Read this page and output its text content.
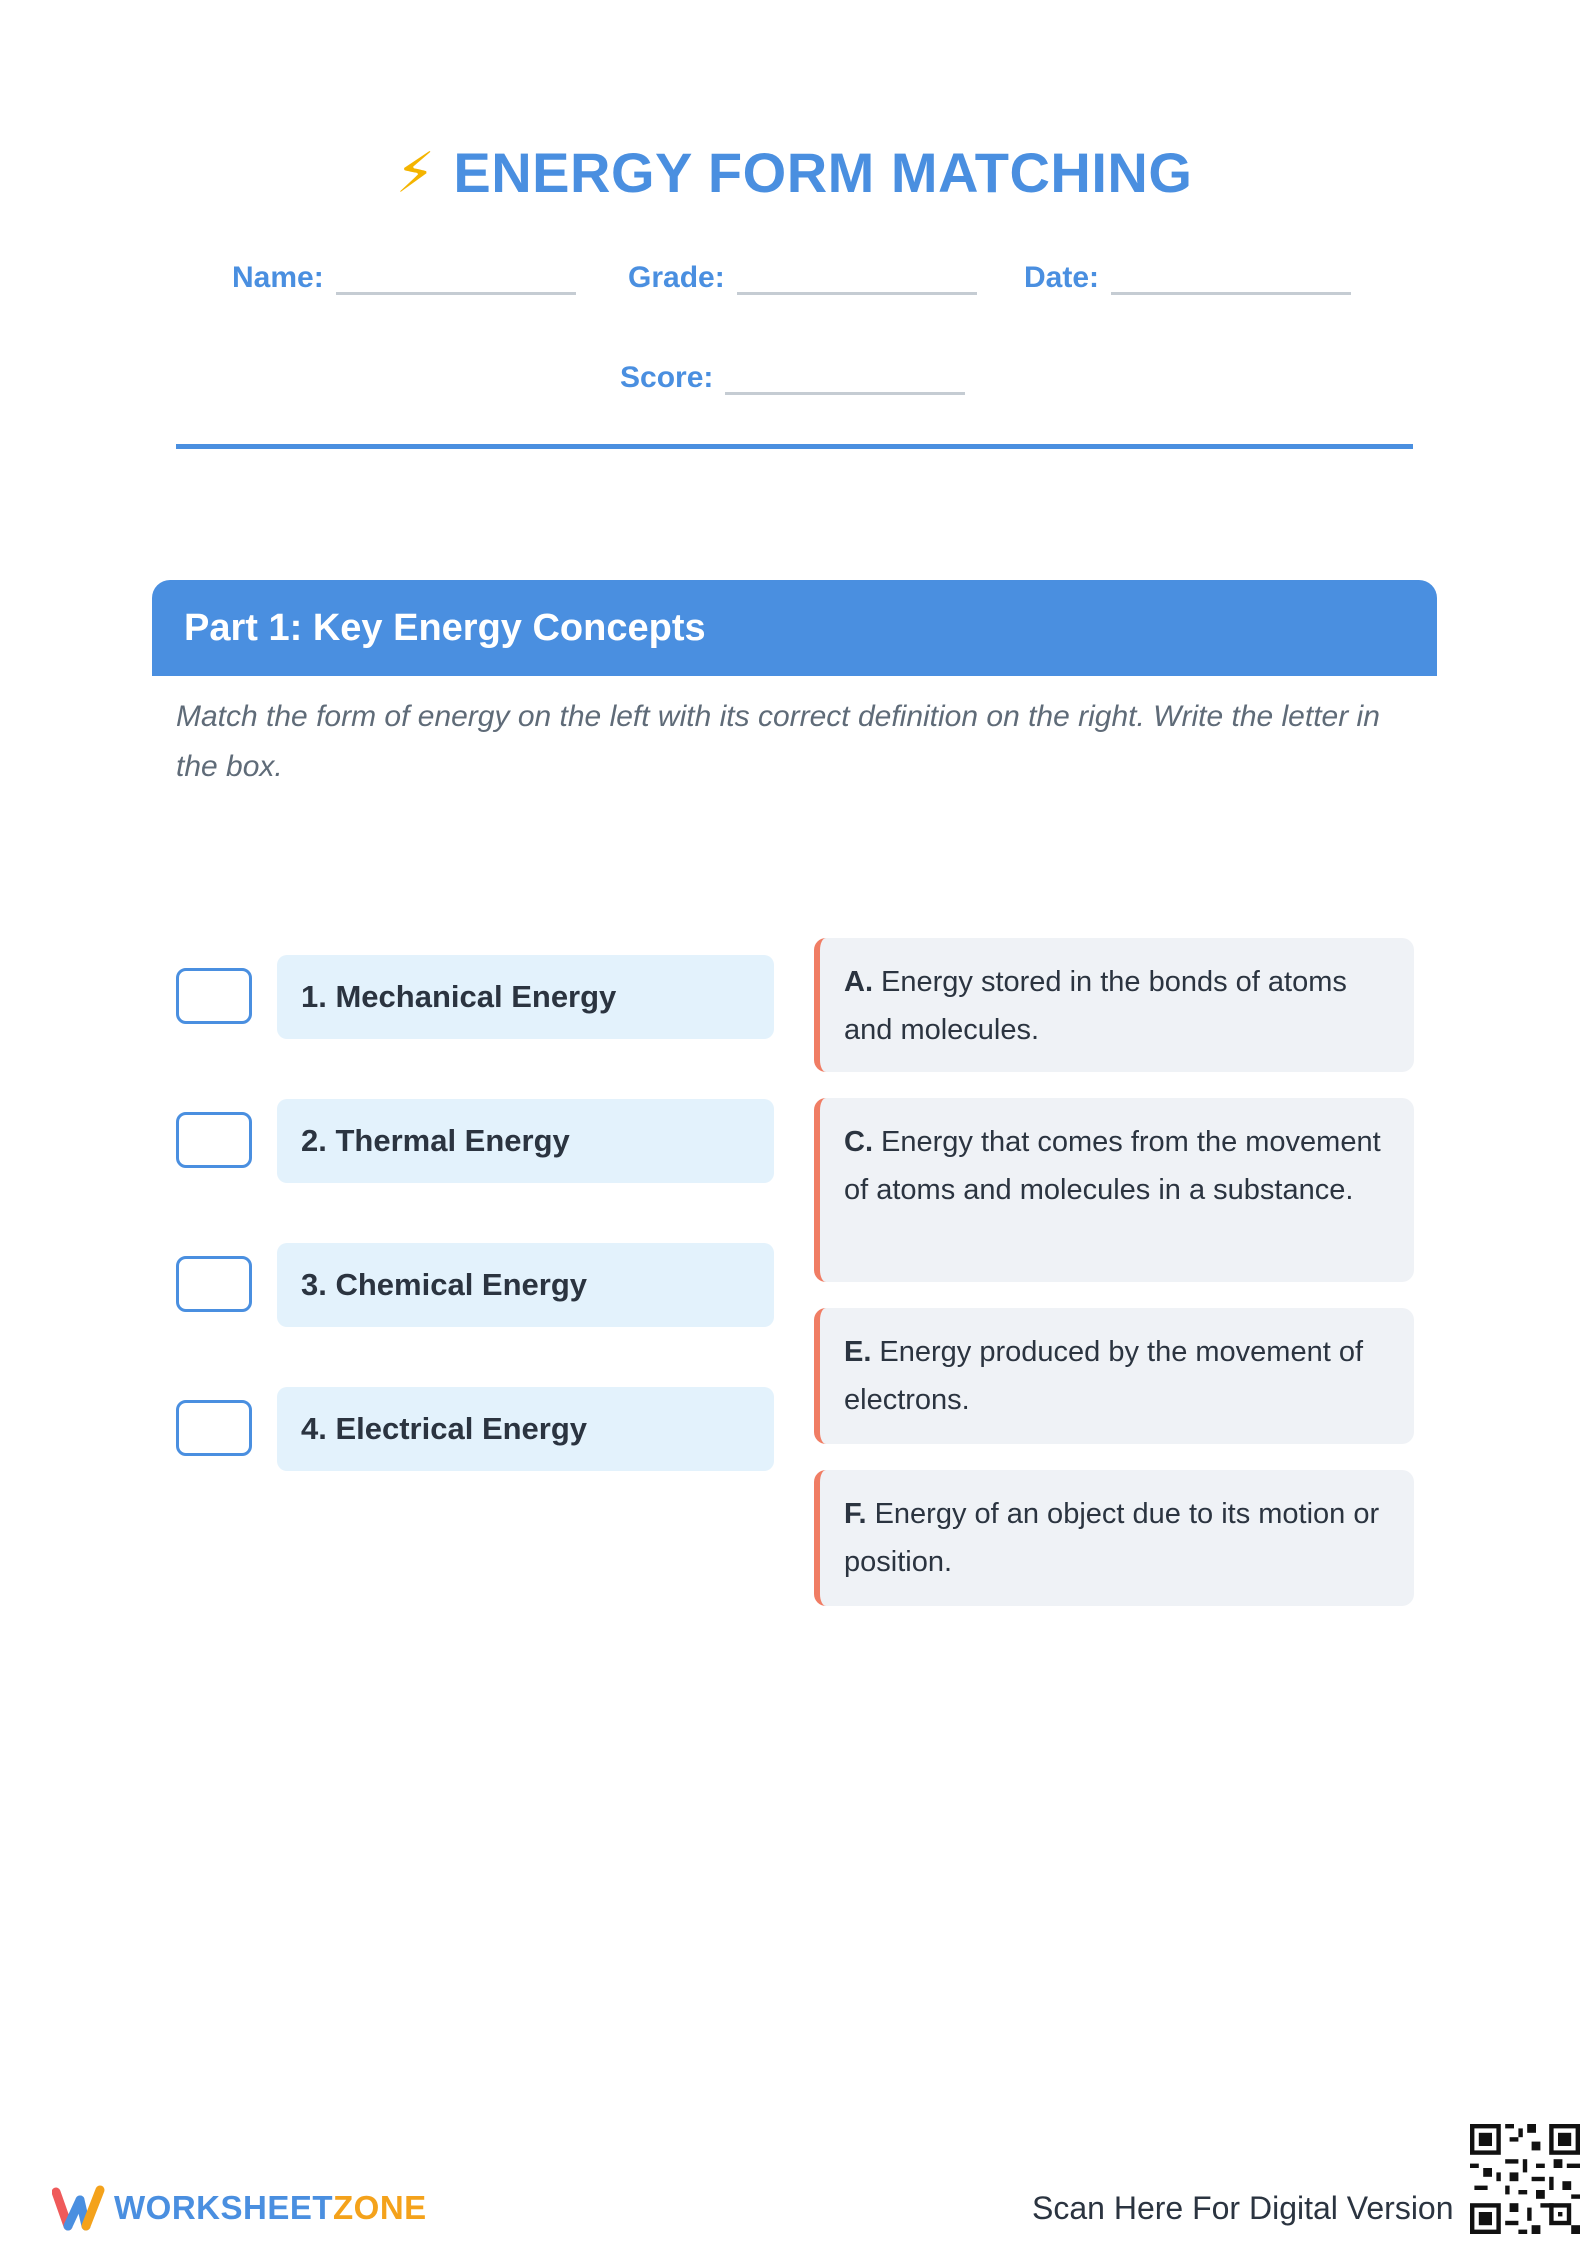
⚡ ENERGY FORM MATCHING
Name:	Grade:	Date:
Score:
Part 1: Key Energy Concepts
Match the form of energy on the left with its correct definition on the right. Write the letter in the box.
1. Mechanical Energy
2. Thermal Energy
3. Chemical Energy
4. Electrical Energy
A. Energy stored in the bonds of atoms and molecules.
C. Energy that comes from the movement of atoms and molecules in a substance.
E. Energy produced by the movement of electrons.
F. Energy of an object due to its motion or position.
WORKSHEETZONE	Scan Here For Digital Version
